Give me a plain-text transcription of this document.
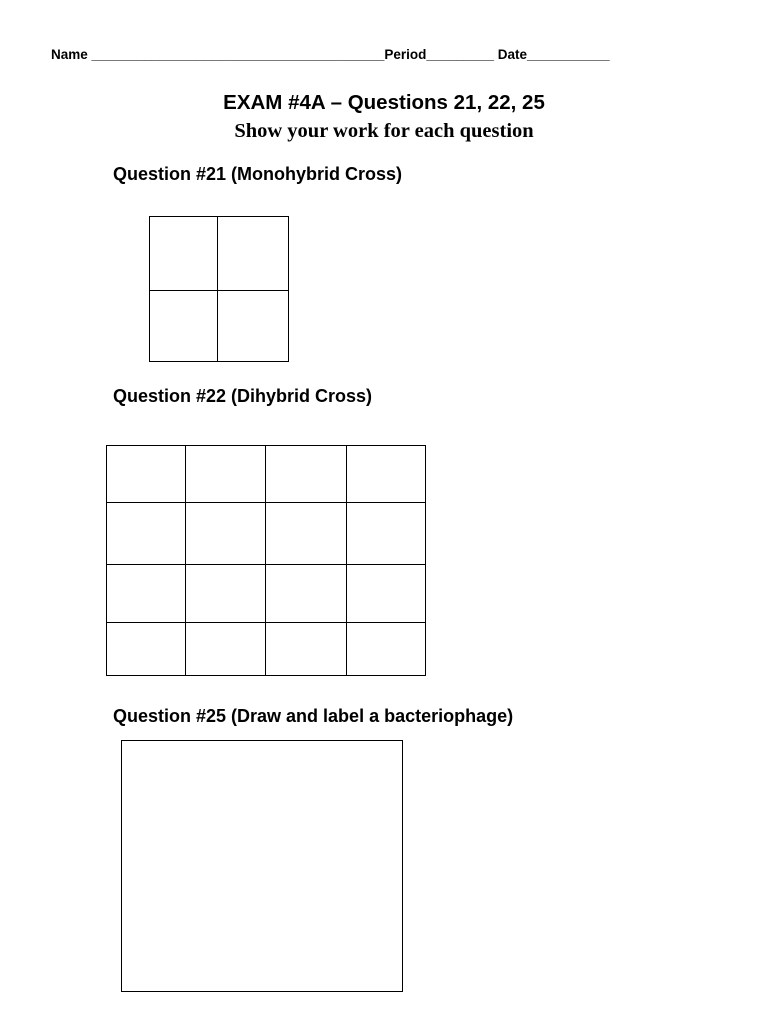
Name _______________________________________Period_________ Date___________
EXAM #4A – Questions 21, 22, 25
Show your work for each question
Question #21 (Monohybrid Cross)

Question #22 (Dihybrid Cross)

Question #25 (Draw and label a bacteriophage)
